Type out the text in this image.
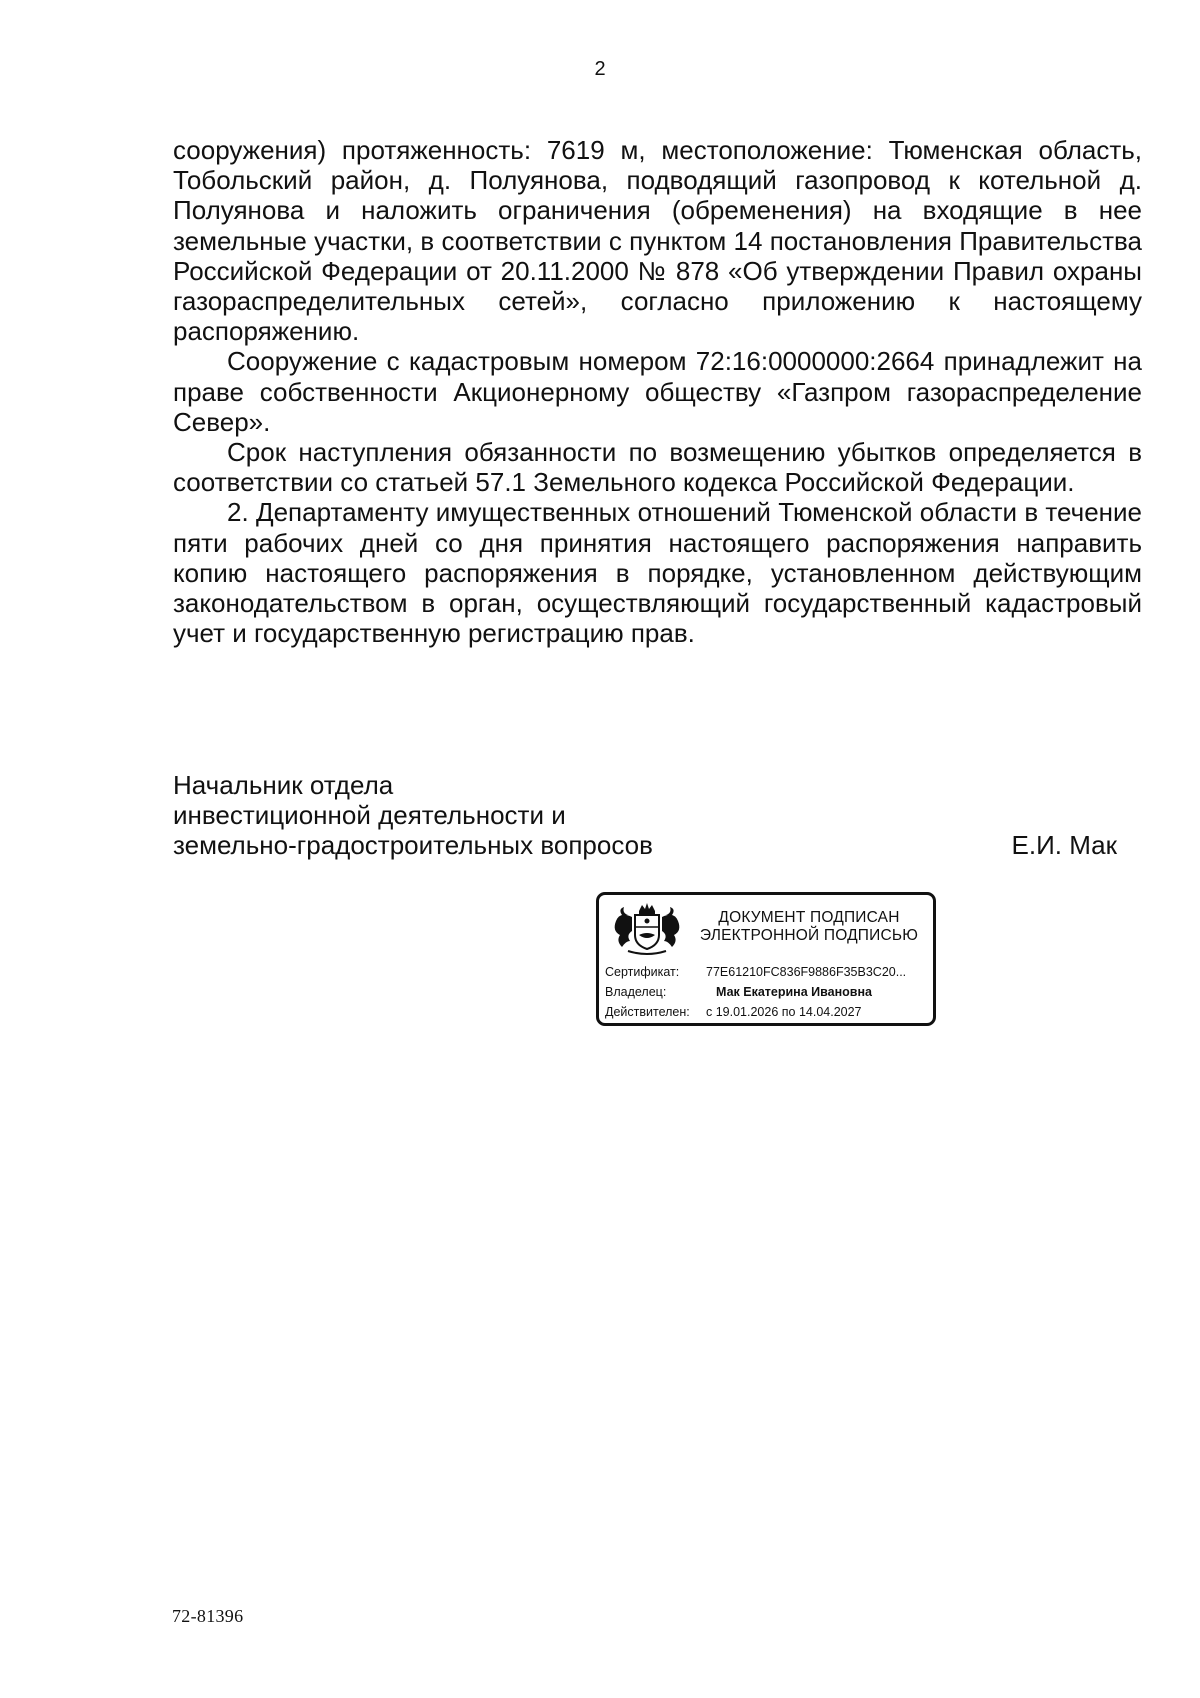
2

сооружения) протяженность: 7619 м, местоположение: Тюменская область, Тобольский район, д. Полуянова, подводящий газопровод к котельной д. Полуянова и наложить ограничения (обременения) на входящие в нее земельные участки, в соответствии с пунктом 14 постановления Правительства Российской Федерации от 20.11.2000 № 878 «Об утверждении Правил охраны газораспределительных сетей», согласно приложению к настоящему распоряжению.

Сооружение с кадастровым номером 72:16:0000000:2664 принадлежит на праве собственности Акционерному обществу «Газпром газораспределение Север».

Срок наступления обязанности по возмещению убытков определяется в соответствии со статьей 57.1 Земельного кодекса Российской Федерации.

2. Департаменту имущественных отношений Тюменской области в течение пяти рабочих дней со дня принятия настоящего распоряжения направить копию настоящего распоряжения в порядке, установленном действующим законодательством в орган, осуществляющий государственный кадастровый учет и государственную регистрацию прав.

Начальник отдела
инвестиционной деятельности и
земельно-градостроительных вопросов	Е.И. Мак
ДОКУМЕНТ ПОДПИСАН
ЭЛЕКТРОННОЙ ПОДПИСЬЮ
Сертификат: 77E61210FC836F9886F35B3C20...
Владелец:	Мак Екатерина Ивановна
Действителен: с 19.01.2026 по 14.04.2027
72-81396
